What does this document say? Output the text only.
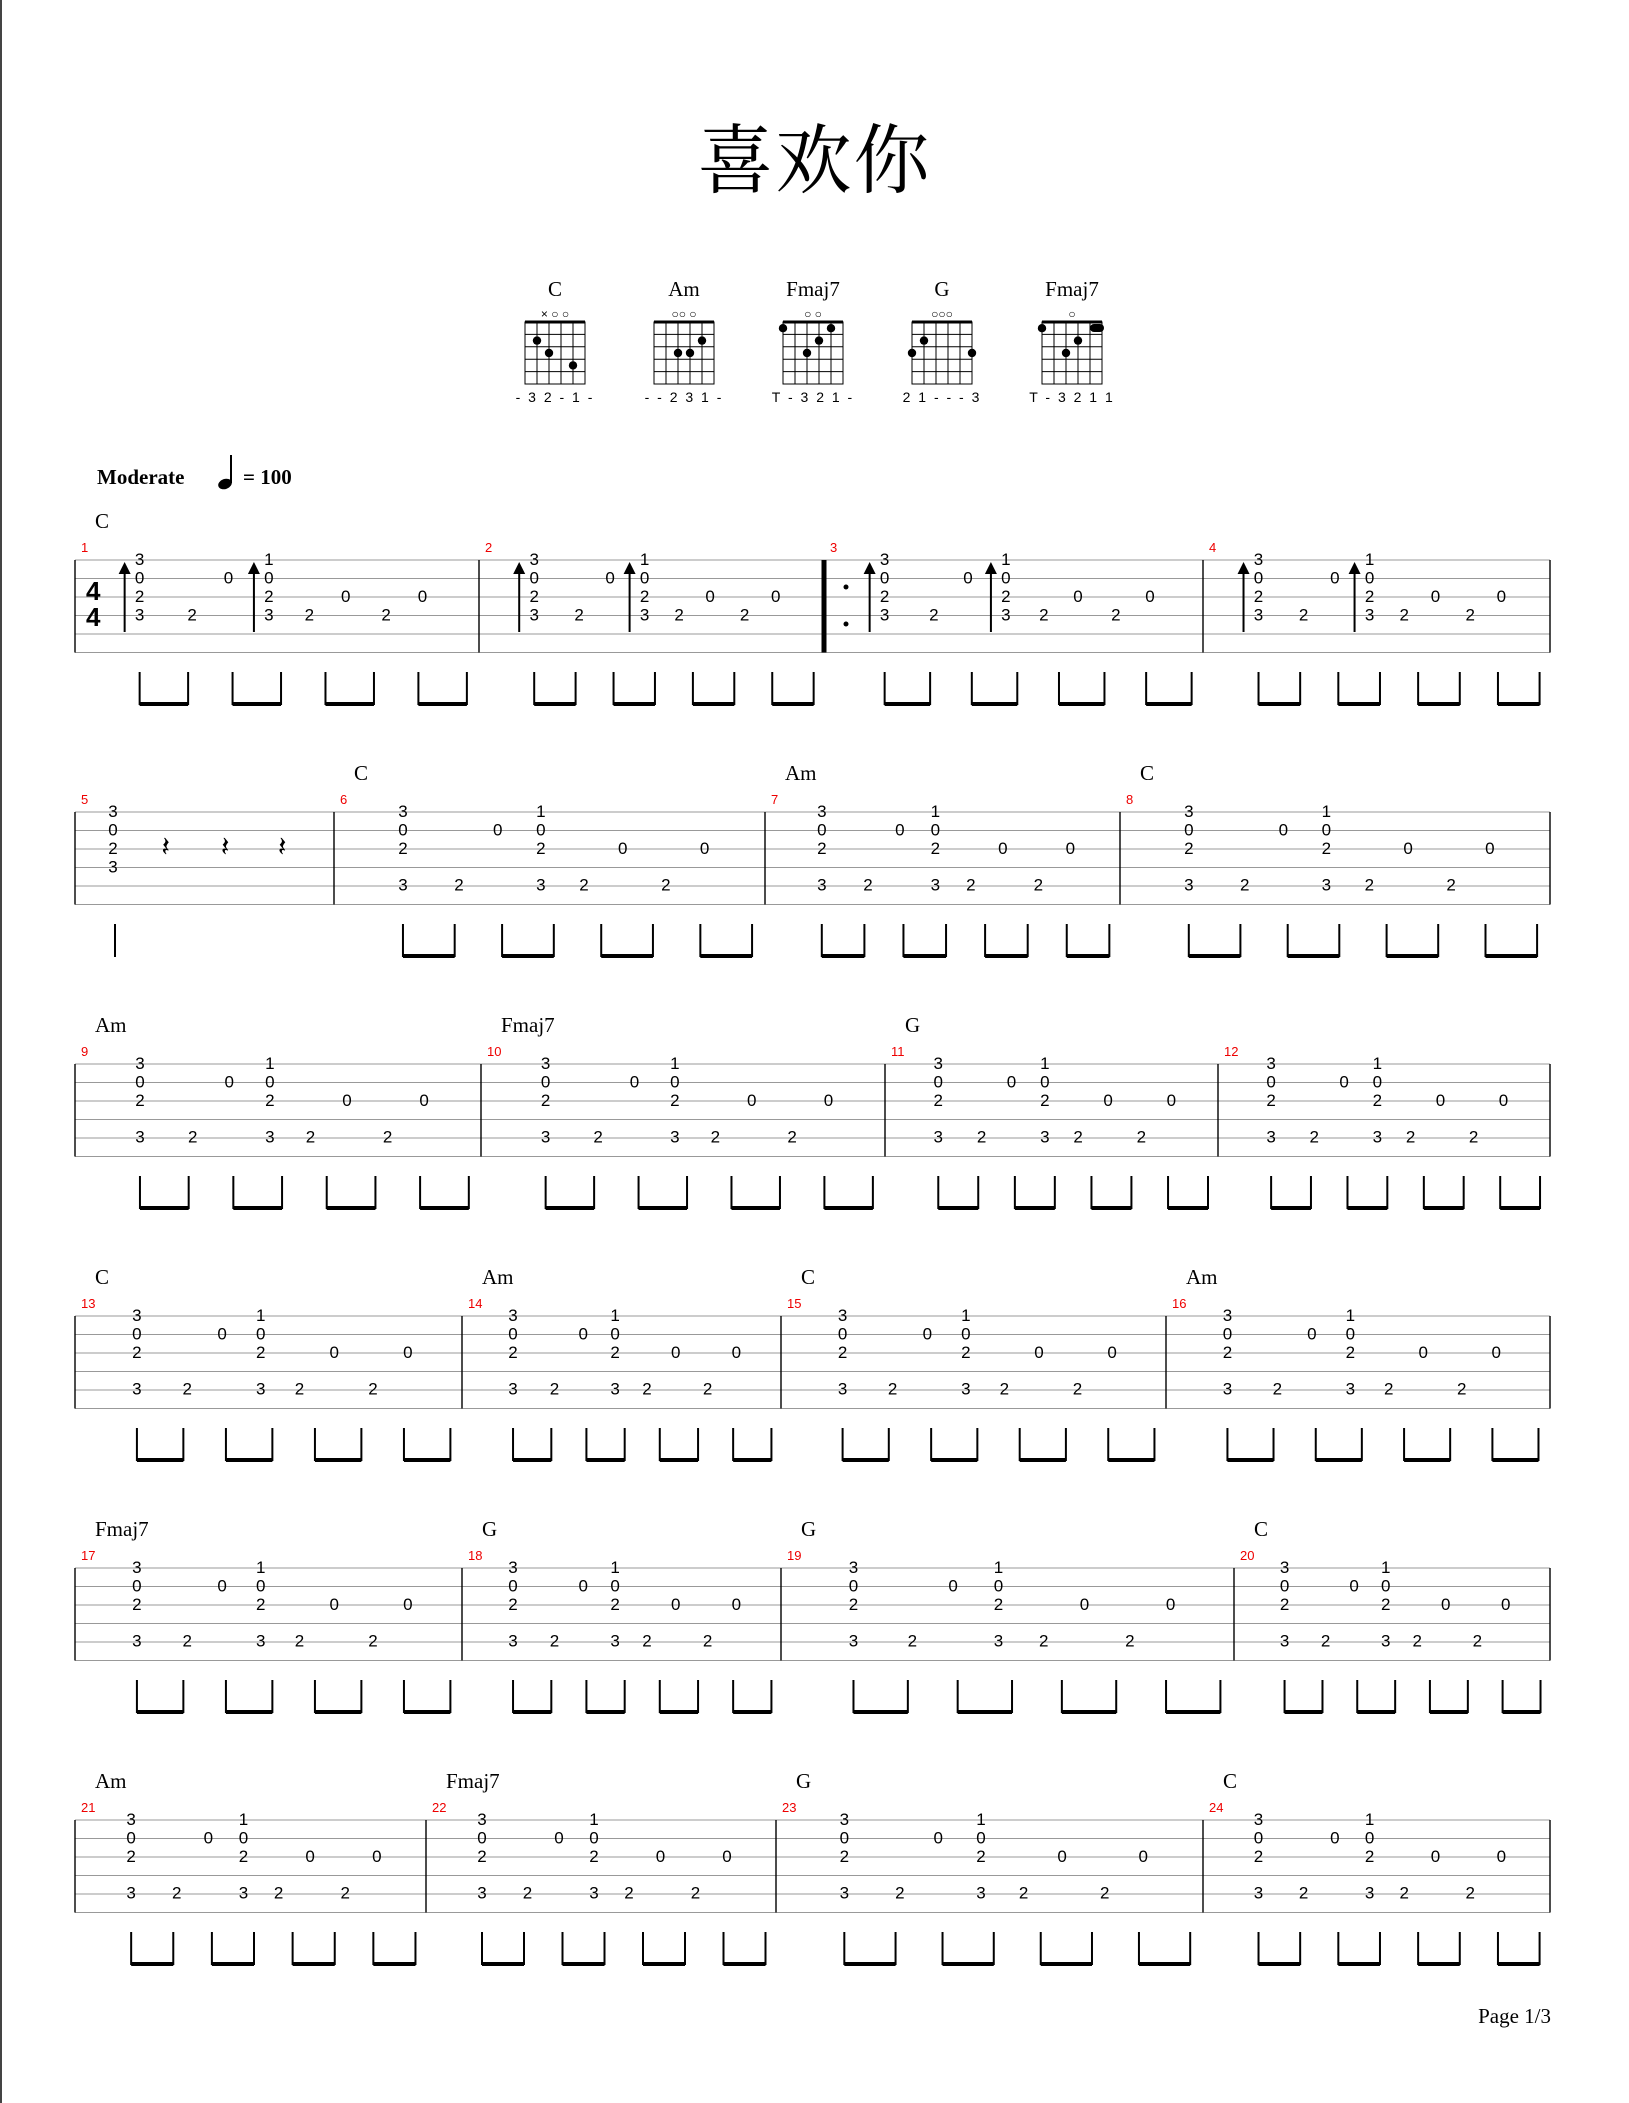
喜欢你
C
× ○ ○
- 3 2 - 1 -
Am
○○ ○
- - 2 3 1 -
Fmaj7
○ ○
T - 3 2 1 -
G
○○○
2 1 - - - 3
Fmaj7
○
T - 3 2 1 1
Moderate	= 100
4
4
1
C
3
0
2
3	2
0
1
0
2
3 2
0
2
0
2
3
0
2
3 2
0
1
0
2
3 2
0
2
0
3
3
0
2
3 2
0
1
0
2
3 2
0
2
0
4
3
0
2
3 2
0
1
0
2
3 2
0
2
0
5
3
0
2
3
𝄽 𝄽 𝄽
6
C
3
0
2
3	2
0
1
0
2
3 2
0
2
0
7
Am
3
0
2
3 2
0
1
0
2
3 2
0
2
0
8
C
3
0
2
3	2
0
1
0
2
3 2
0
2
0
9
Am
3
0
2
3	2
0
1
0
2
3 2
0
2
0
10
Fmaj7
3
0
2
3	2
0
1
0
2
3 2
0
2
0
11
G
3
0
2
3 2
0
1
0
2
3 2
0
2
0
12
3
0
2
3 2
0
1
0
2
3 2
0
2
0
13
C
3
0
2
3 2
0
1
0
2
3 2
0
2
0
14
Am
3
0
2
3 2
0
1
0
2
3 2
0
2
0
15
C
3
0
2
3 2
0
1
0
2
3 2
0
2
0
16
Am
3
0
2
3 2
0
1
0
2
3 2
0
2
0
17
Fmaj7
3
0
2
3 2
0
1
0
2
3 2
0
2
0
18
G
3
0
2
3 2
0
1
0
2
3 2
0
2
0
19
G
3
0
2
3	2
0
1
0
2
3 2
0
2
0
20
C
3
0
2
3 2
0
1
0
2
3 2
0
2
0
21
Am
3
0
2
3 2
0
1
0
2
3 2
0
2
0
22
Fmaj7
3
0
2
3 2
0
1
0
2
3 2
0
2
0
23
G
3
0
2
3	2
0
1
0
2
3 2
0
2
0
24
C
3
0
2
3 2
0
1
0
2
3 2
0
2
0
Page 1/3
